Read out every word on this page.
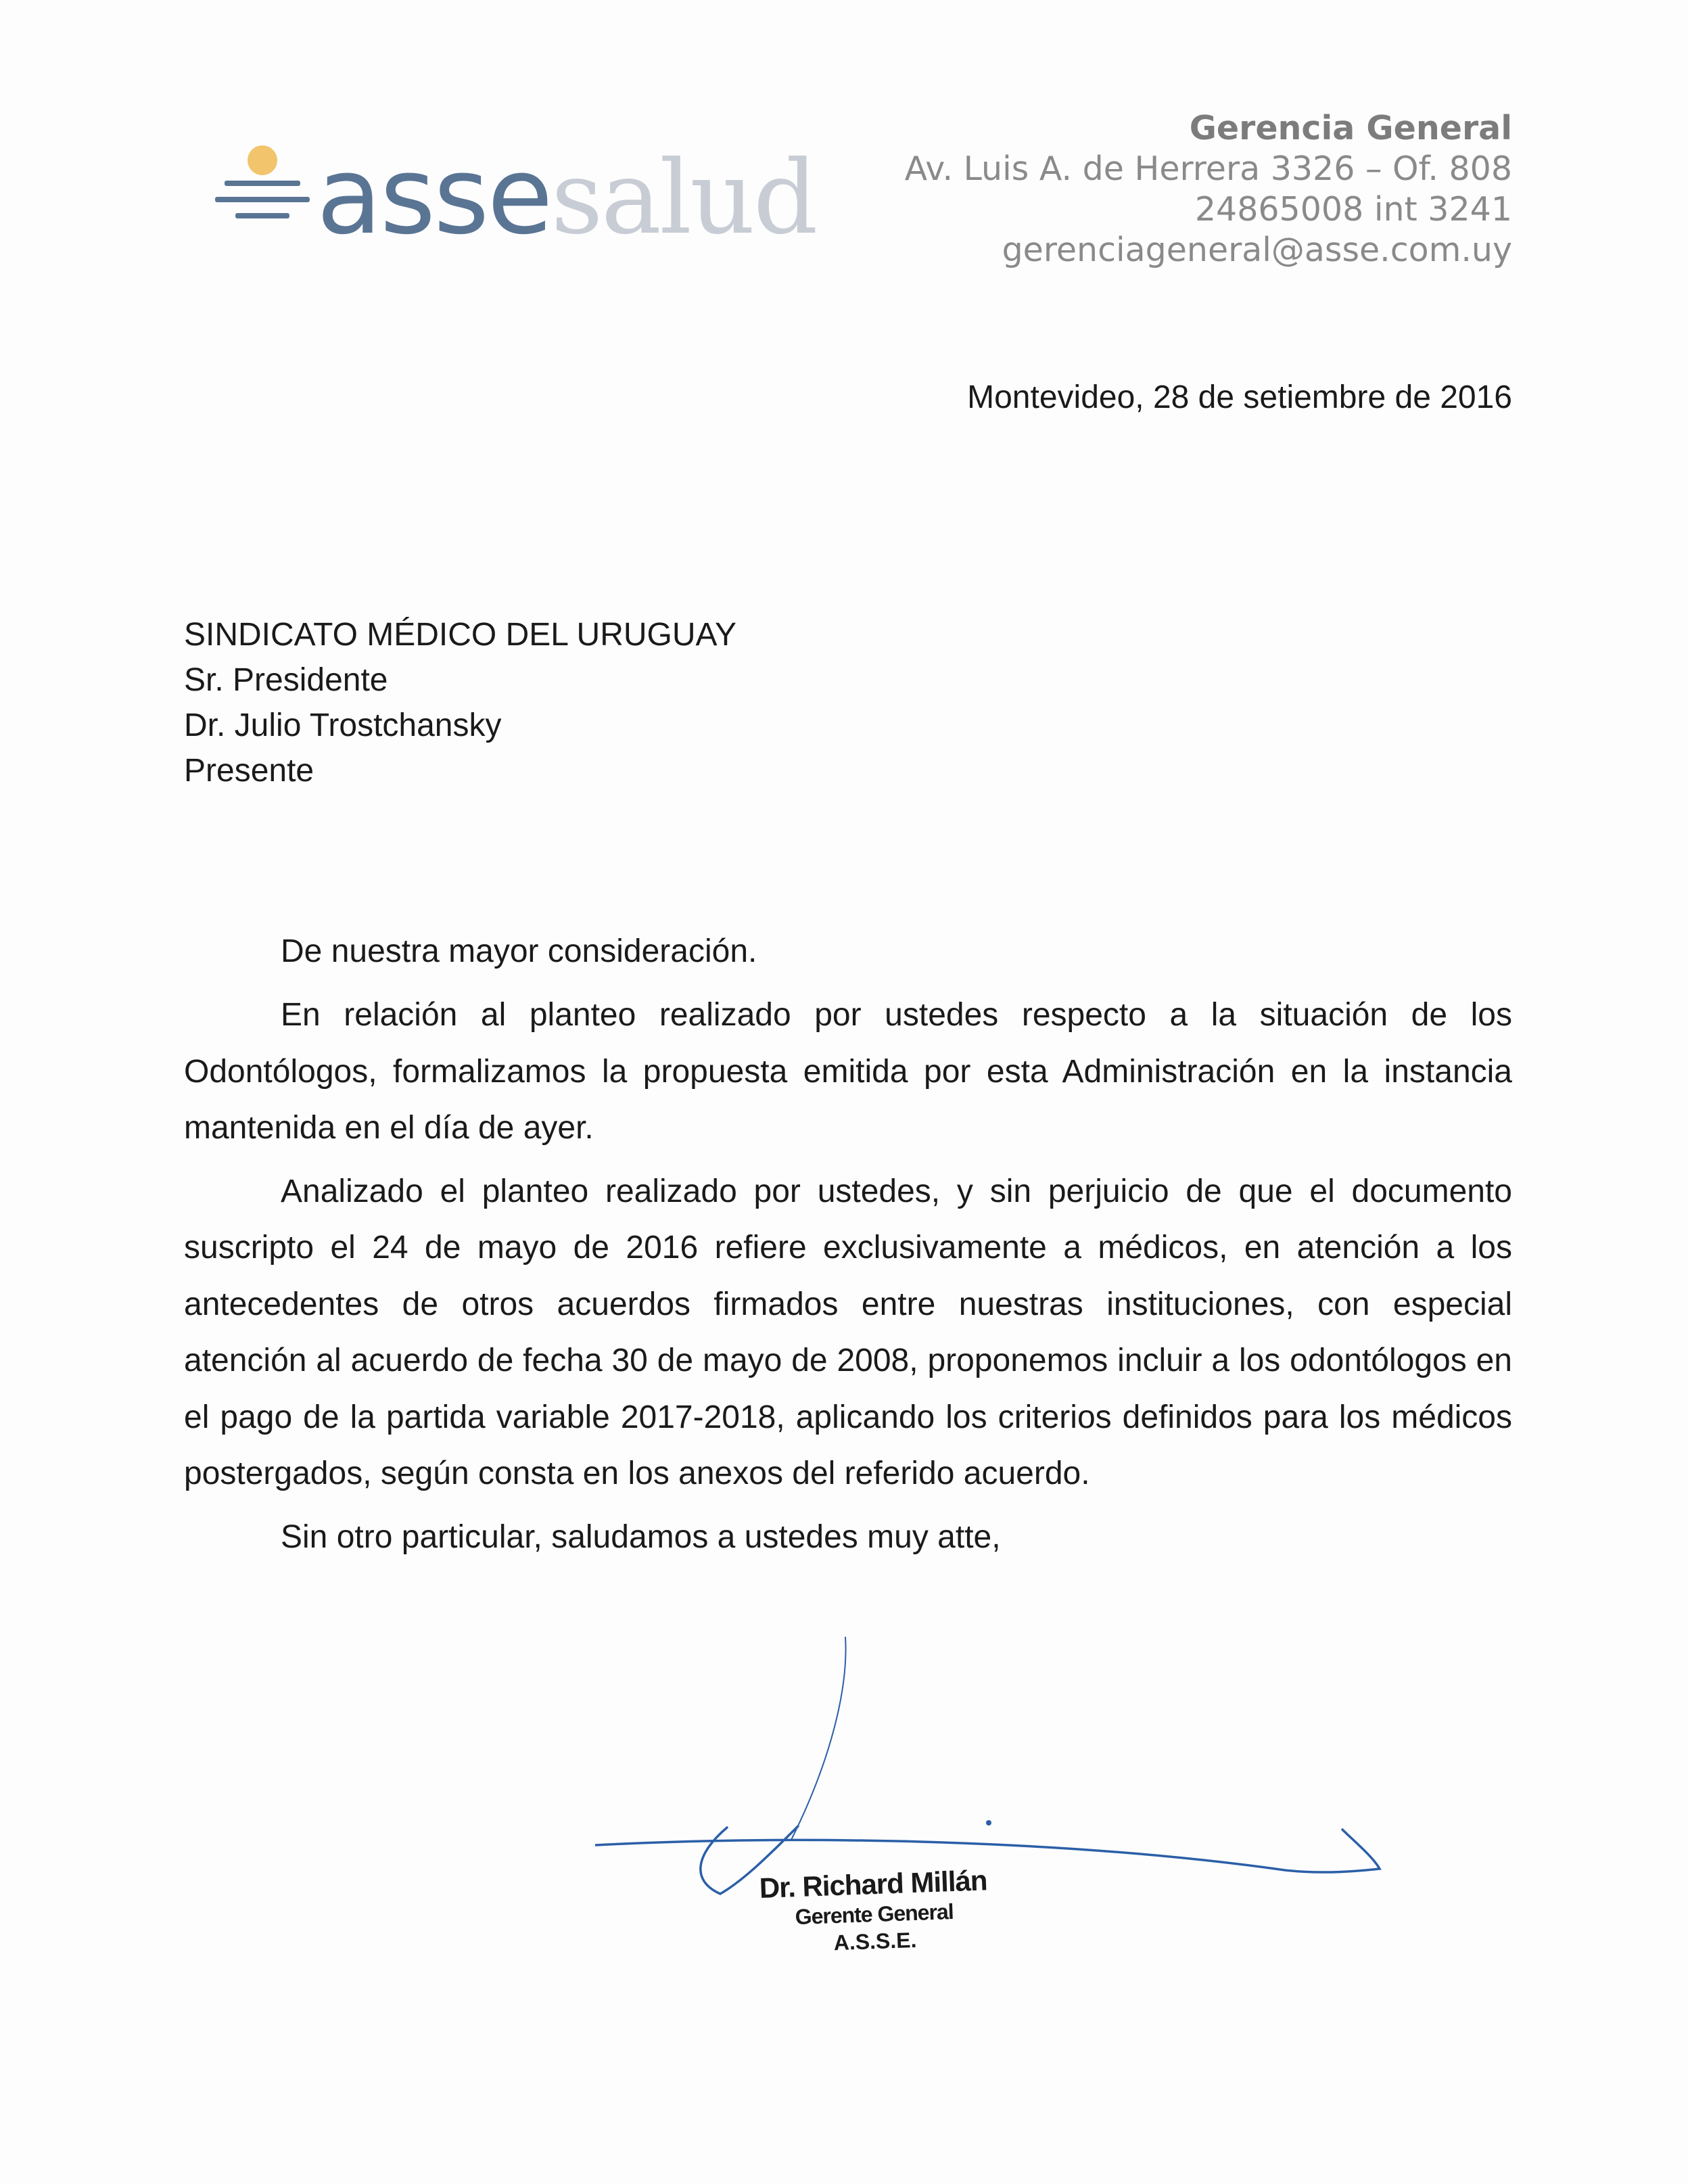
assesalud
Gerencia General
Av. Luis A. de Herrera 3326 – Of. 808
24865008 int 3241
gerenciageneral@asse.com.uy
Montevideo, 28 de setiembre de 2016
SINDICATO MÉDICO DEL URUGUAY
Sr. Presidente
Dr. Julio Trostchansky
Presente
De nuestra mayor consideración.

En relación al planteo realizado por ustedes respecto a la situación de los Odontólogos, formalizamos la propuesta emitida por esta Administración en la instancia mantenida en el día de ayer.

Analizado el planteo realizado por ustedes, y sin perjuicio de que el documento suscripto el 24 de mayo de 2016 refiere exclusivamente a médicos, en atención a los antecedentes de otros acuerdos firmados entre nuestras instituciones, con especial atención al acuerdo de fecha 30 de mayo de 2008, proponemos incluir a los odontólogos en el pago de la partida variable 2017-2018, aplicando los criterios definidos para los médicos postergados, según consta en los anexos del referido acuerdo.

Sin otro particular, saludamos a ustedes muy atte,
Dr. Richard Millán
Gerente General
A.S.S.E.
